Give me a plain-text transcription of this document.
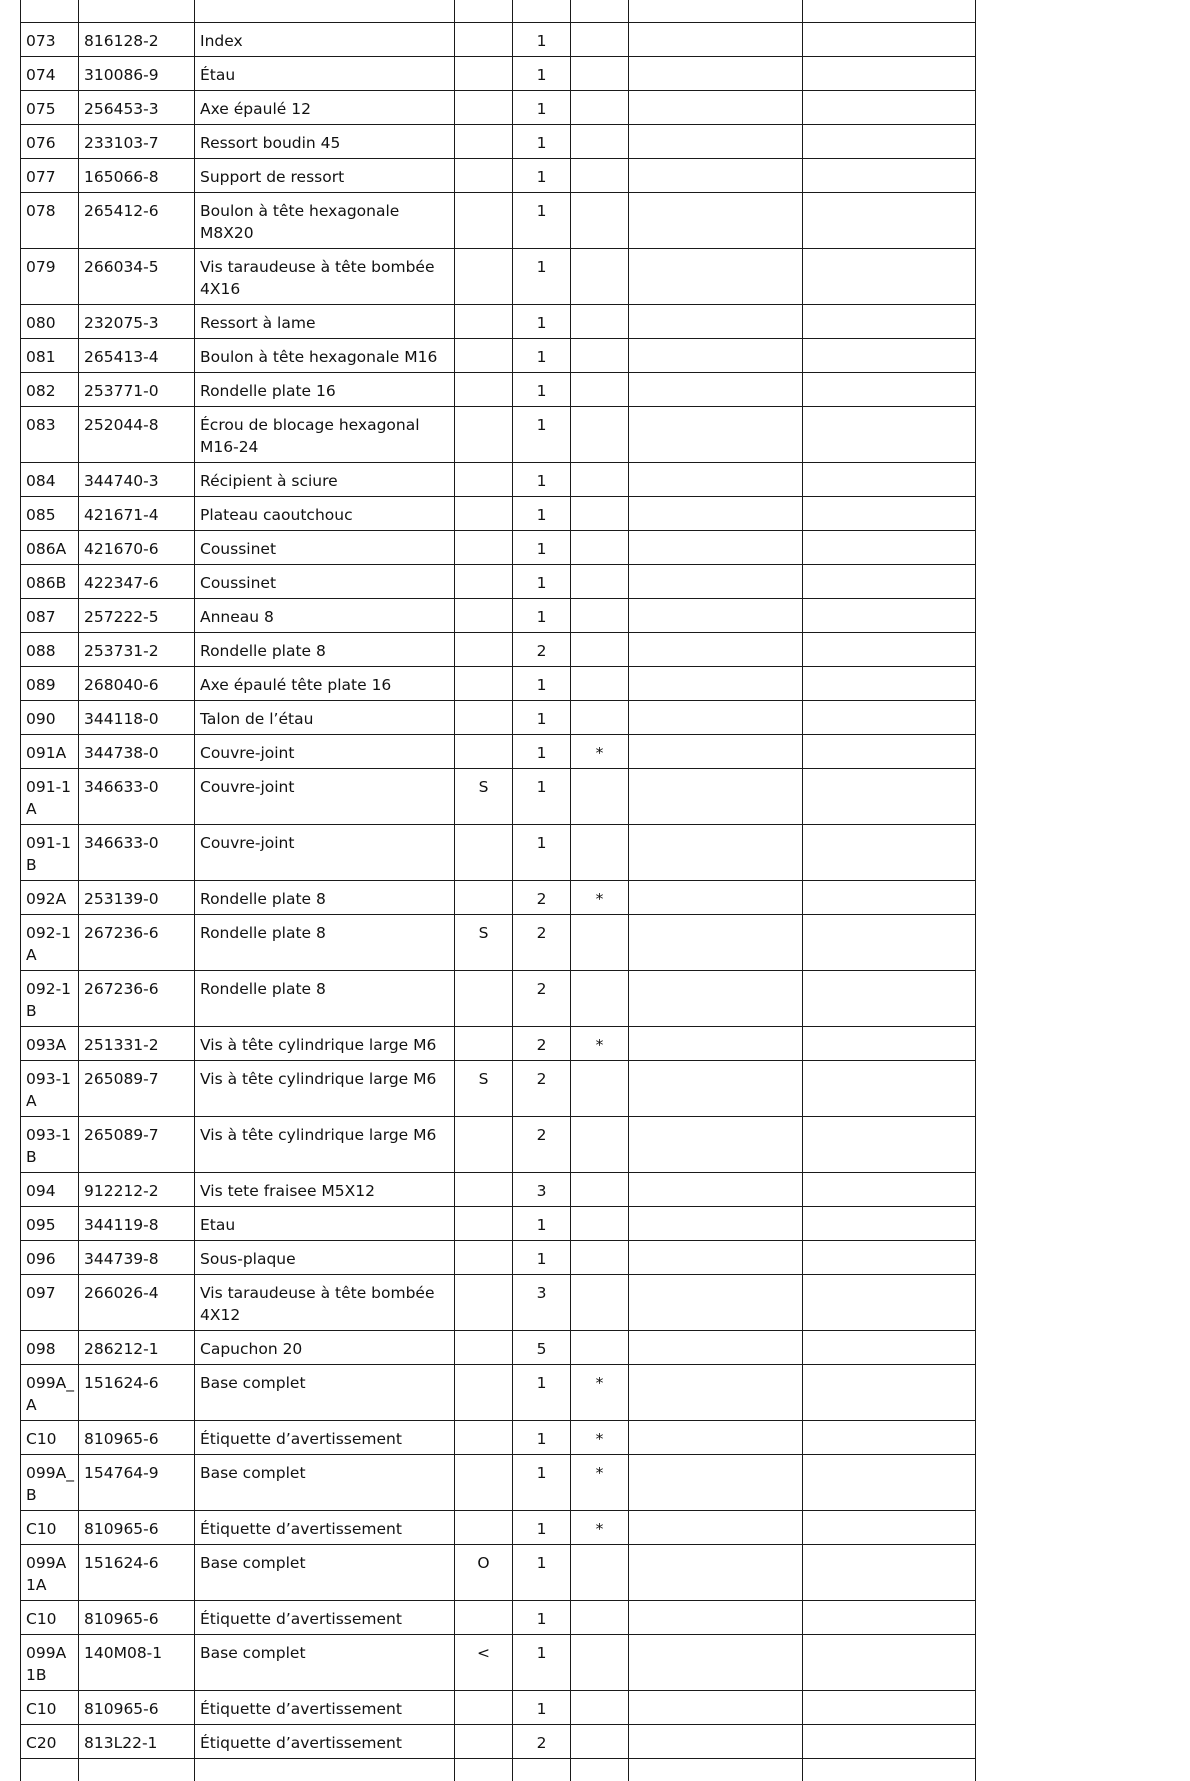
073	816128-2	Index		1			

074	310086-9	Étau		1			

075	256453-3	Axe épaulé 12		1			

076	233103-7	Ressort boudin 45		1			

077	165066-8	Support de ressort		1			

078	265412-6	Boulon à tête hexagonale M8X20		1			

079	266034-5	Vis taraudeuse à tête bombée 4X16		1			

080	232075-3	Ressort à lame		1			

081	265413-4	Boulon à tête hexagonale M16		1			

082	253771-0	Rondelle plate 16		1			

083	252044-8	Écrou de blocage hexagonal M16-24		1			

084	344740-3	Récipient à sciure		1			

085	421671-4	Plateau caoutchouc		1			

086A	421670-6	Coussinet		1			

086B	422347-6	Coussinet		1			

087	257222-5	Anneau 8		1			

088	253731-2	Rondelle plate 8		2			

089	268040-6	Axe épaulé tête plate 16		1			

090	344118-0	Talon de l’étau		1			

091A	344738-0	Couvre-joint		1	*		

091-1A	346633-0	Couvre-joint	S	1			

091-1B	346633-0	Couvre-joint		1			

092A	253139-0	Rondelle plate 8		2	*		

092-1A	267236-6	Rondelle plate 8	S	2			

092-1B	267236-6	Rondelle plate 8		2			

093A	251331-2	Vis à tête cylindrique large M6		2	*		

093-1A	265089-7	Vis à tête cylindrique large M6	S	2			

093-1B	265089-7	Vis à tête cylindrique large M6		2			

094	912212-2	Vis tete fraisee M5X12		3			

095	344119-8	Etau		1			

096	344739-8	Sous-plaque		1			

097	266026-4	Vis taraudeuse à tête bombée 4X12		3			

098	286212-1	Capuchon 20		5			

099A_A	151624-6	Base complet		1	*		

C10	810965-6	Étiquette d’avertissement		1	*		

099A_B	154764-9	Base complet		1	*		

C10	810965-6	Étiquette d’avertissement		1	*		

099A1A	151624-6	Base complet	O	1			

C10	810965-6	Étiquette d’avertissement		1			

099A1B	140M08-1	Base complet	<	1			

C10	810965-6	Étiquette d’avertissement		1			

C20	813L22-1	Étiquette d’avertissement		2			
